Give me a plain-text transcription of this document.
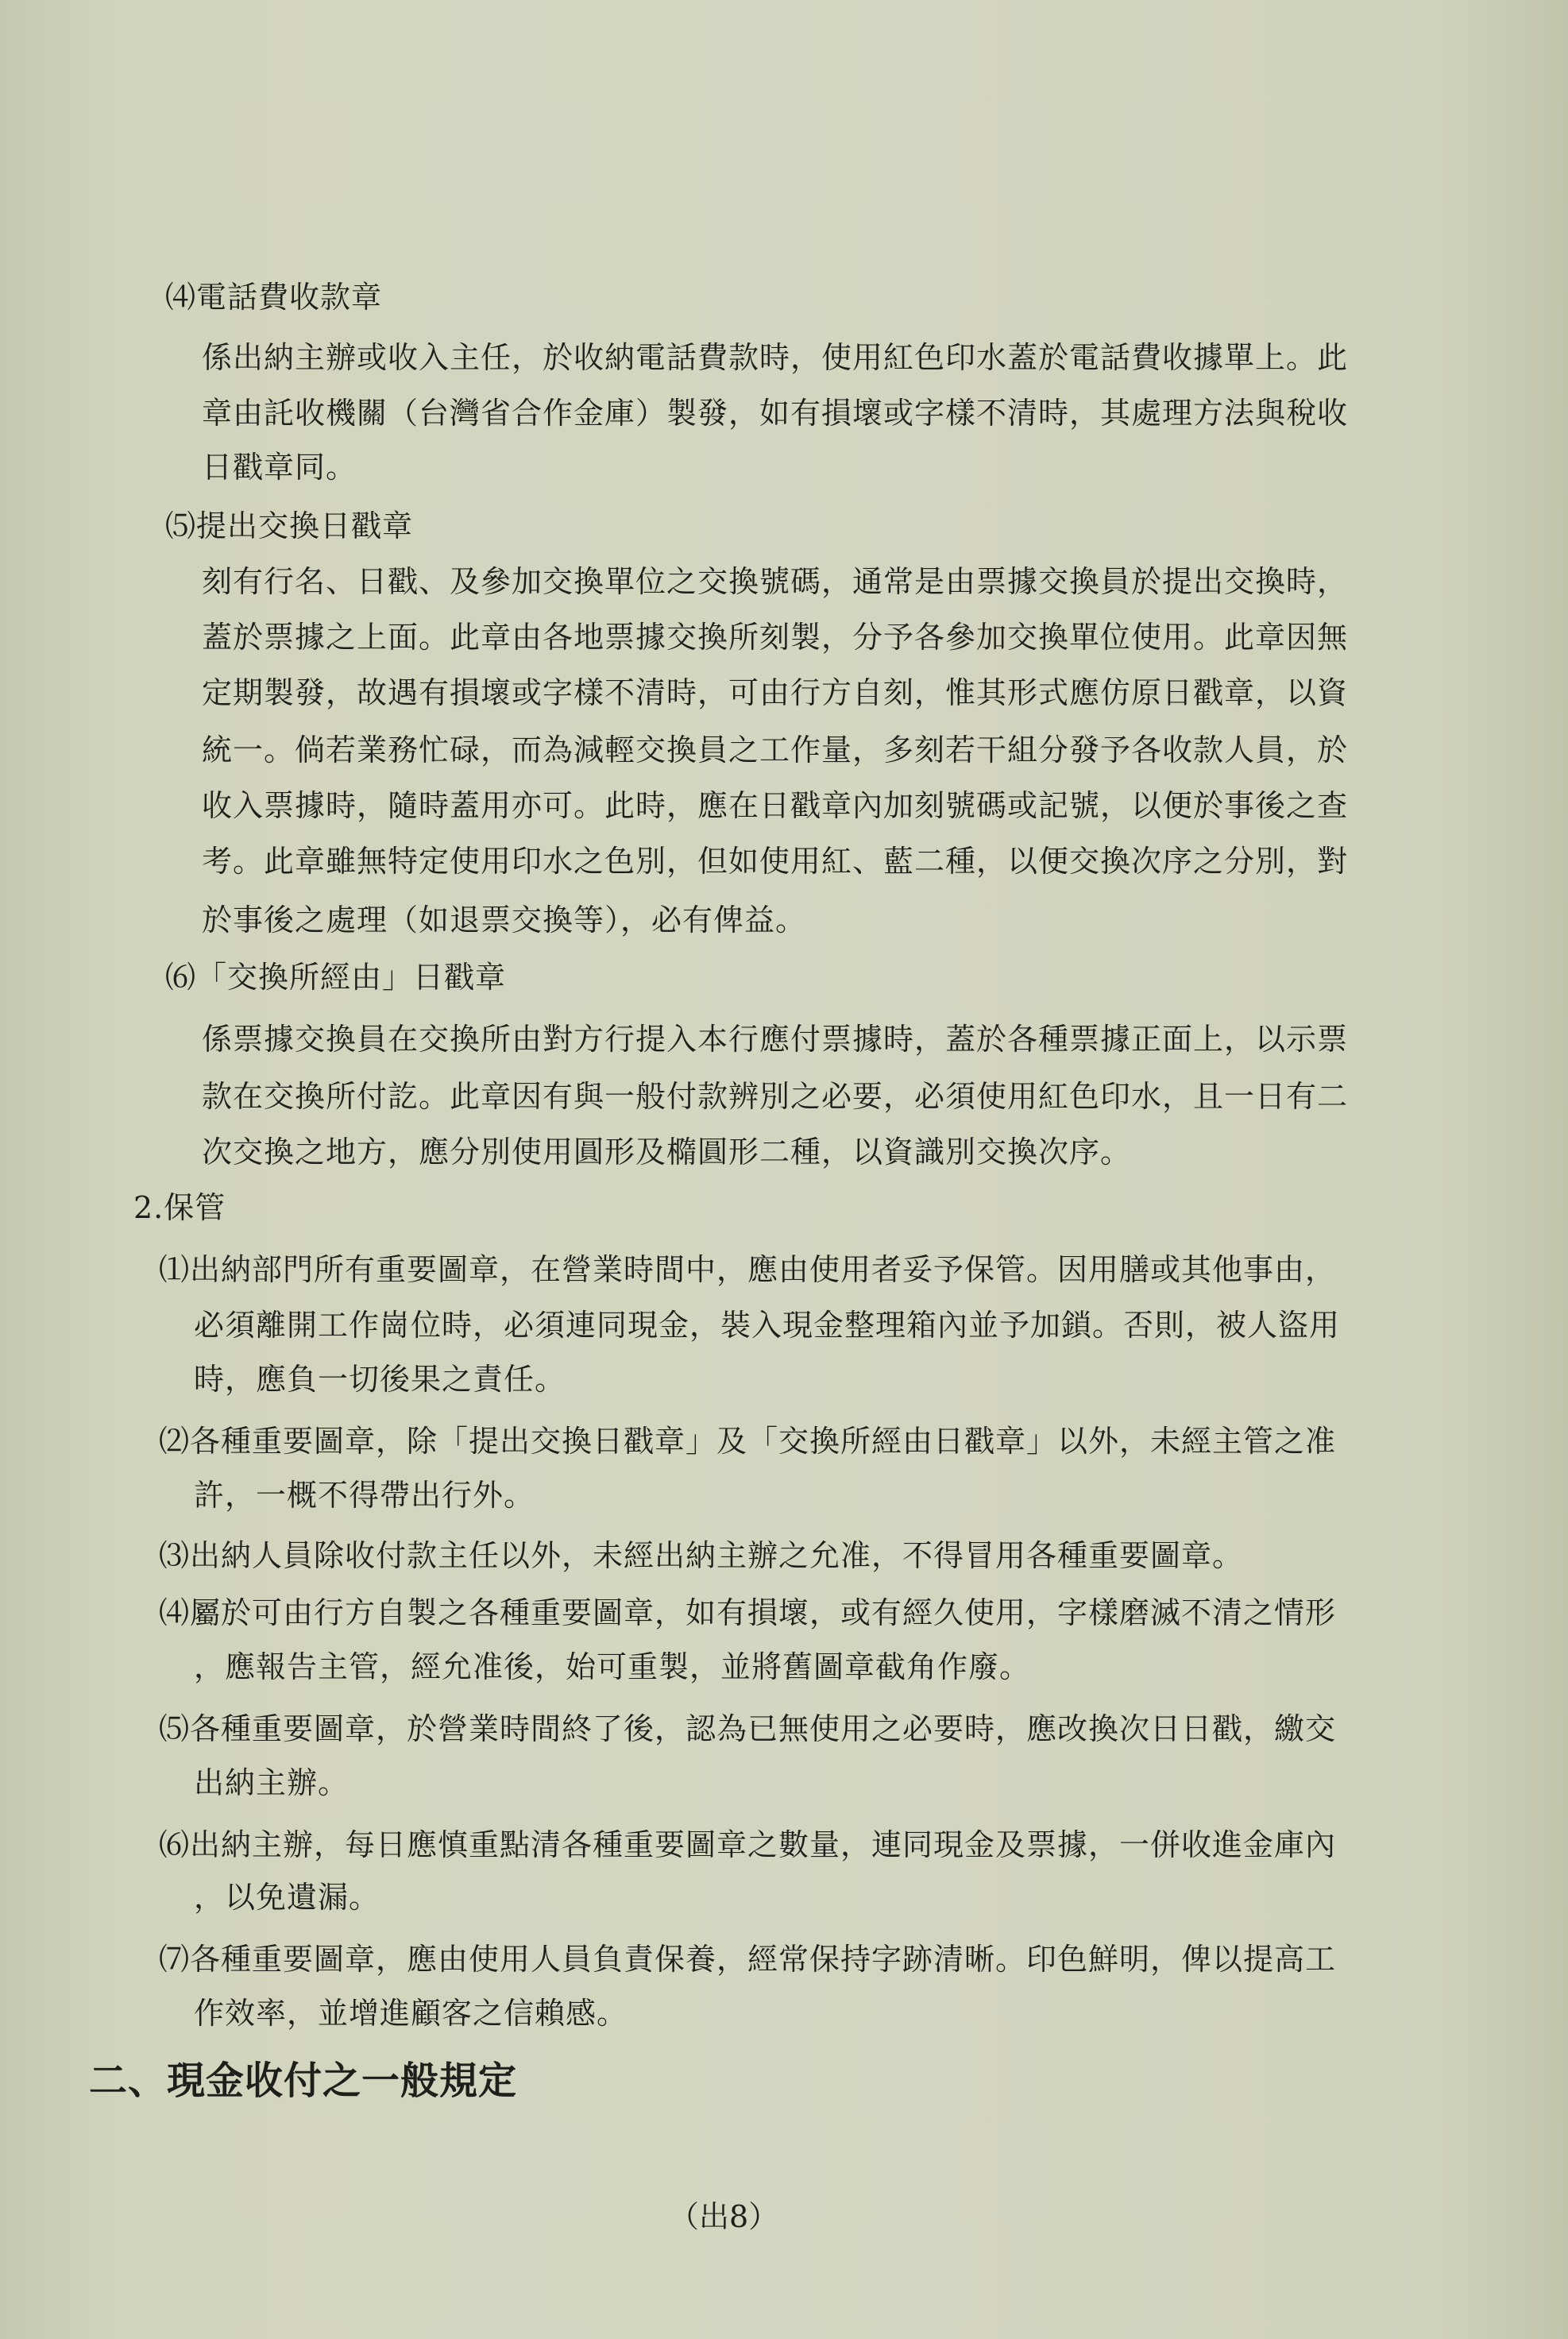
⑷電話費收款章
係出納主辦或收入主任，於收納電話費款時，使用紅色印水蓋於電話費收據單上。此
章由託收機關（台灣省合作金庫）製發，如有損壞或字樣不清時，其處理方法與稅收
日戳章同。
⑸提出交換日戳章
刻有行名、日戳、及參加交換單位之交換號碼，通常是由票據交換員於提出交換時，
蓋於票據之上面。此章由各地票據交換所刻製，分予各參加交換單位使用。此章因無
定期製發，故遇有損壞或字樣不清時，可由行方自刻，惟其形式應仿原日戳章，以資
統一。倘若業務忙碌，而為減輕交換員之工作量，多刻若干組分發予各收款人員，於
收入票據時，隨時蓋用亦可。此時，應在日戳章內加刻號碼或記號，以便於事後之查
考。此章雖無特定使用印水之色別，但如使用紅、藍二種，以便交換次序之分別，對
於事後之處理（如退票交換等），必有俾益。
⑹「交換所經由」日戳章
係票據交換員在交換所由對方行提入本行應付票據時，蓋於各種票據正面上，以示票
款在交換所付訖。此章因有與一般付款辨別之必要，必須使用紅色印水，且一日有二
次交換之地方，應分別使用圓形及橢圓形二種，以資識別交換次序。
2.保管
⑴出納部門所有重要圖章，在營業時間中，應由使用者妥予保管。因用膳或其他事由，
必須離開工作崗位時，必須連同現金，裝入現金整理箱內並予加鎖。否則，被人盜用
時，應負一切後果之責任。
⑵各種重要圖章，除「提出交換日戳章」及「交換所經由日戳章」以外，未經主管之准
許，一概不得帶出行外。
⑶出納人員除收付款主任以外，未經出納主辦之允准，不得冒用各種重要圖章。
⑷屬於可由行方自製之各種重要圖章，如有損壞，或有經久使用，字樣磨滅不清之情形
，應報告主管，經允准後，始可重製，並將舊圖章截角作廢。
⑸各種重要圖章，於營業時間終了後，認為已無使用之必要時，應改換次日日戳，繳交
出納主辦。
⑹出納主辦，每日應慎重點清各種重要圖章之數量，連同現金及票據，一併收進金庫內
，以免遺漏。
⑺各種重要圖章，應由使用人員負責保養，經常保持字跡清晰。印色鮮明，俾以提高工
作效率，並增進顧客之信賴感。
二、現金收付之一般規定
（出8）
